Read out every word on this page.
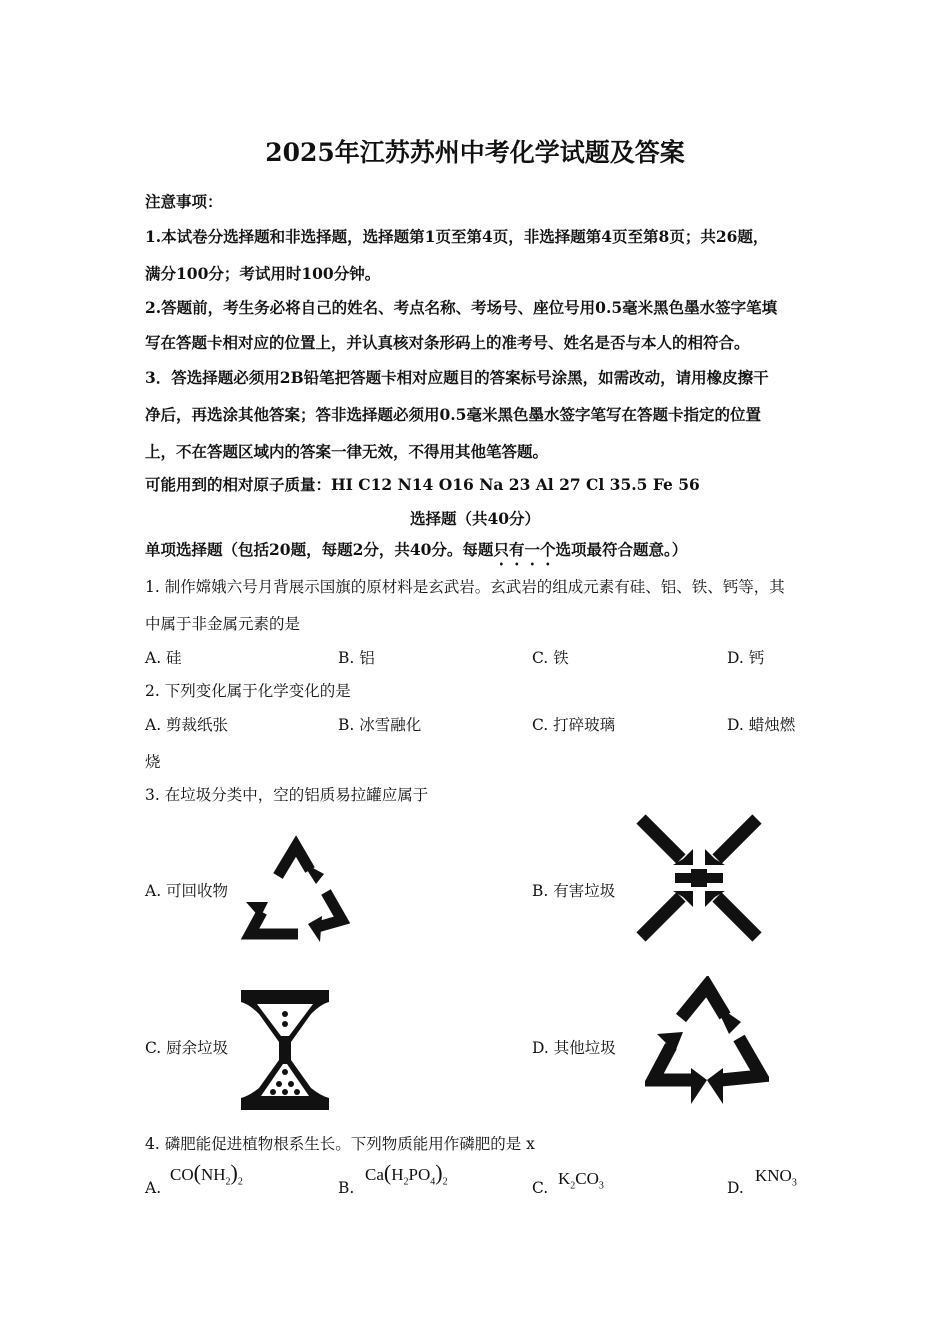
2025年江苏苏州中考化学试题及答案
注意事项：
1.本试卷分选择题和非选择题，选择题第1页至第4页，非选择题第4页至第8页；共26题，
满分100分；考试用时100分钟。
2.答题前，考生务必将自己的姓名、考点名称、考场号、座位号用0.5毫米黑色墨水签字笔填
写在答题卡相对应的位置上，并认真核对条形码上的准考号、姓名是否与本人的相符合。
3．答选择题必须用2B铅笔把答题卡相对应题目的答案标号涂黑，如需改动，请用橡皮擦干
净后，再选涂其他答案；答非选择题必须用0.5毫米黑色墨水签字笔写在答题卡指定的位置
上，不在答题区域内的答案一律无效，不得用其他笔答题。
可能用到的相对原子质量：HI C12 N14 O16 Na 23 Al 27 Cl 35.5 Fe 56
选择题（共40分）
单项选择题（包括20题，每题2分，共40分。每题只有一个选项最符合题意。）
1. 制作嫦娥六号月背展示国旗的原材料是玄武岩。玄武岩的组成元素有硅、铝、铁、钙等，其
中属于非金属元素的是
A. 硅	B. 铝	C. 铁	D. 钙
2. 下列变化属于化学变化的是
A. 剪裁纸张	B. 冰雪融化	C. 打碎玻璃	D. 蜡烛燃
烧
3. 在垃圾分类中，空的铝质易拉罐应属于
A. 可回收物	B. 有害垃圾
C. 厨余垃圾	D. 其他垃圾
4. 磷肥能促进植物根系生长。下列物质能用作磷肥的是 x
A.
$CO(NH_2)_2$	B.
$Ca(H_2PO_4)_2$	C. $K_2CO_3$	D.
$KNO_3$
